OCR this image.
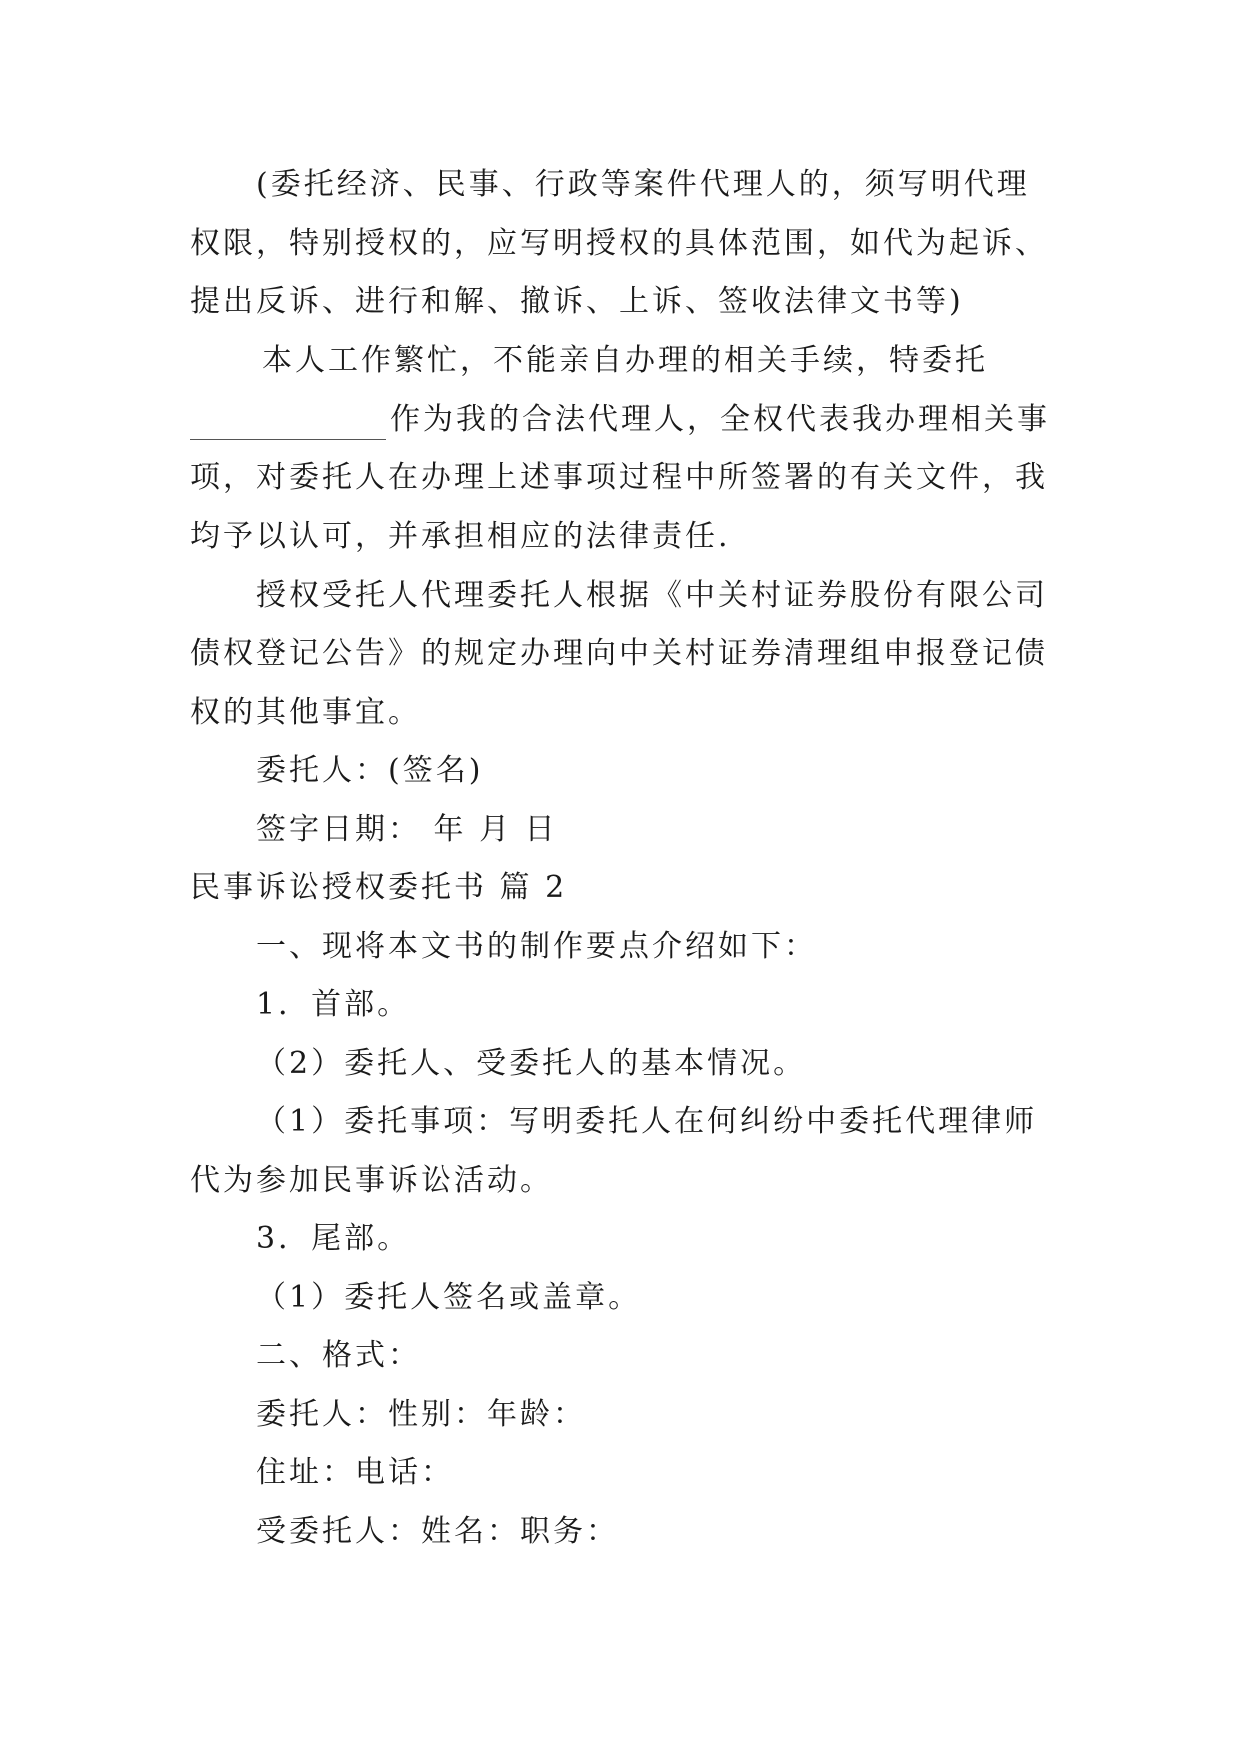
(委托经济、民事、行政等案件代理人的，须写明代理
权限，特别授权的，应写明授权的具体范围，如代为起诉、
提出反诉、进行和解、撤诉、上诉、签收法律文书等)
本人工作繁忙，不能亲自办理的相关手续，特委托
作为我的合法代理人，全权代表我办理相关事
项，对委托人在办理上述事项过程中所签署的有关文件，我
均予以认可，并承担相应的法律责任.
授权受托人代理委托人根据《中关村证券股份有限公司
债权登记公告》的规定办理向中关村证券清理组申报登记债
权的其他事宜。
委托人：(签名)
签字日期： 年 月 日
民事诉讼授权委托书 篇 2
一、现将本文书的制作要点介绍如下：
1．首部。
（2）委托人、受委托人的基本情况。
（1）委托事项：写明委托人在何纠纷中委托代理律师
代为参加民事诉讼活动。
3．尾部。
（1）委托人签名或盖章。
二、格式：
委托人：性别：年龄：
住址：电话：
受委托人：姓名：职务：
